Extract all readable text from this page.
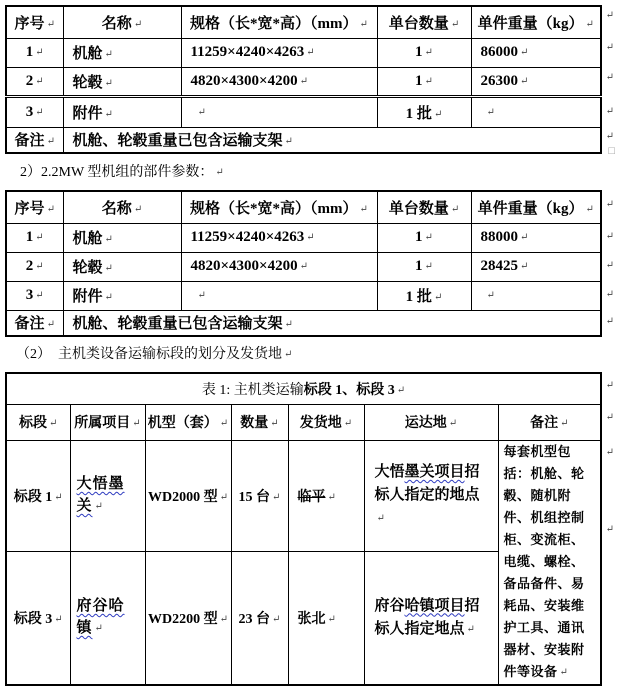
序号 ↵	名称 ↵	规格（长*宽*高）（mm） ↵	单台数量 ↵	单件重量（kg） ↵
1 ↵	机舱 ↵	11259×4240×4263 ↵	1 ↵	86000 ↵
2 ↵	轮毂 ↵	4820×4300×4200 ↵	1 ↵	26300 ↵
3 ↵	附件 ↵	↵	1 批 ↵	↵
备注 ↵	机舱、轮毂重量已包含运输支架 ↵			
↵
↵
↵
↵
↵
□
2）2.2MW 型机组的部件参数： ↵
序号 ↵	名称 ↵	规格（长*宽*高）（mm） ↵	单台数量 ↵	单件重量（kg） ↵
1 ↵	机舱 ↵	11259×4240×4263 ↵	1 ↵	88000 ↵
2 ↵	轮毂 ↵	4820×4300×4200 ↵	1 ↵	28425 ↵
3 ↵	附件 ↵	↵	1 批 ↵	↵
备注 ↵	机舱、轮毂重量已包含运输支架 ↵			
↵
↵
↵
↵
↵
（2）　主机类设备运输标段的划分及发货地 ↵
表 1: 主机类运输标段 1、标段 3 ↵						
标段 ↵	所属项目 ↵	机型（套） ↵	数量 ↵	发货地 ↵	运达地 ↵	备注 ↵
标段 1 ↵	大悟墨关 ↵	WD2000 型 ↵	15 台 ↵	临平 ↵	大悟墨关项目招标人指定的地点↵	每套机型包括：机舱、轮毂、随机附件、机组控制柜、变流柜、电缆、螺栓、备品备件、易耗品、安装维护工具、通讯器材、安装附件等设备 ↵
标段 3 ↵	府谷哈镇 ↵	WD2200 型 ↵	23 台 ↵	张北 ↵	府谷哈镇项目招标人指定地点 ↵	
↵
↵
↵
↵
